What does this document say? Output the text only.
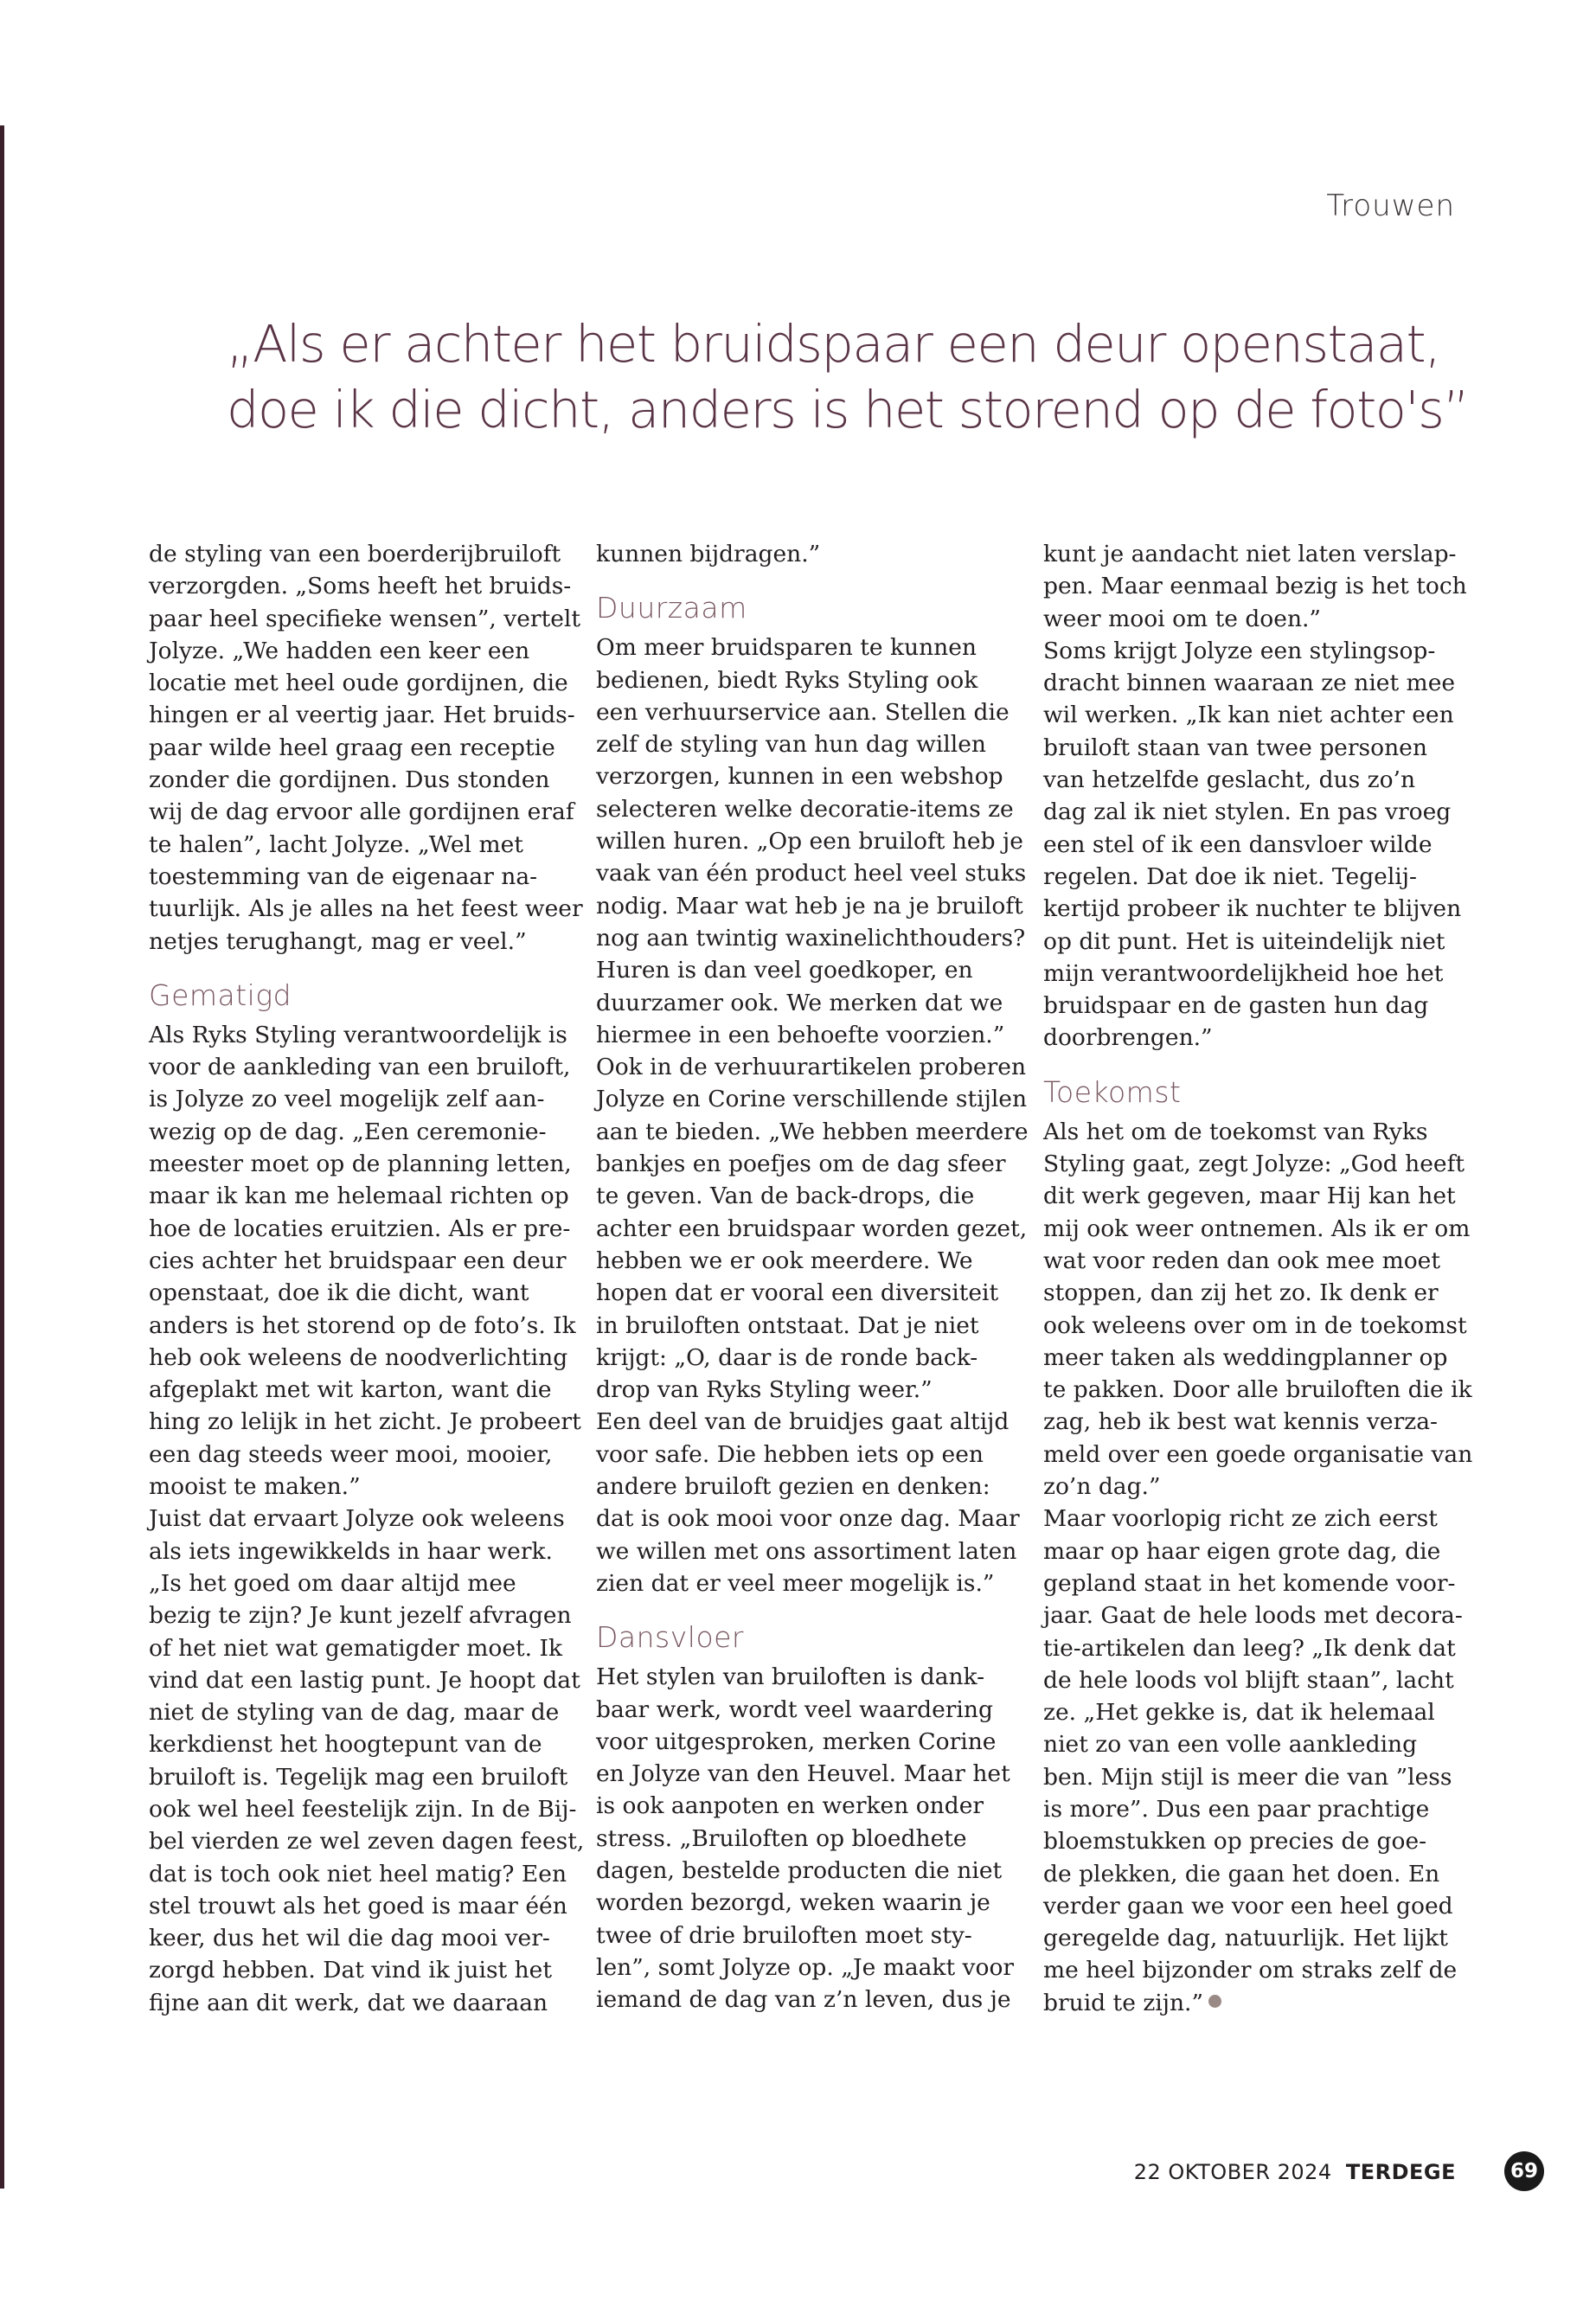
Trouwen
„Als er achter het bruidspaar een deur openstaat,
doe ik die dicht, anders is het storend op de foto's”

de styling van een boerderijbruiloft
verzorgden. „Soms heeft het bruids-
paar heel specifieke wensen”, vertelt
Jolyze. „We hadden een keer een
locatie met heel oude gordijnen, die
hingen er al veertig jaar. Het bruids-
paar wilde heel graag een receptie
zonder die gordijnen. Dus stonden
wij de dag ervoor alle gordijnen eraf
te halen”, lacht Jolyze. „Wel met
toestemming van de eigenaar na-
tuurlijk. Als je alles na het feest weer
netjes terughangt, mag er veel.”

Gematigd

Als Ryks Styling verantwoordelijk is
voor de aankleding van een bruiloft,
is Jolyze zo veel mogelijk zelf aan-
wezig op de dag. „Een ceremonie-
meester moet op de planning letten,
maar ik kan me helemaal richten op
hoe de locaties eruitzien. Als er pre-
cies achter het bruidspaar een deur
openstaat, doe ik die dicht, want
anders is het storend op de foto’s. Ik
heb ook weleens de noodverlichting
afgeplakt met wit karton, want die
hing zo lelijk in het zicht. Je probeert
een dag steeds weer mooi, mooier,
mooist te maken.”

Juist dat ervaart Jolyze ook weleens
als iets ingewikkelds in haar werk.
„Is het goed om daar altijd mee
bezig te zijn? Je kunt jezelf afvragen
of het niet wat gematigder moet. Ik
vind dat een lastig punt. Je hoopt dat
niet de styling van de dag, maar de
kerkdienst het hoogtepunt van de
bruiloft is. Tegelijk mag een bruiloft
ook wel heel feestelijk zijn. In de Bij-
bel vierden ze wel zeven dagen feest,
dat is toch ook niet heel matig? Een
stel trouwt als het goed is maar één
keer, dus het wil die dag mooi ver-
zorgd hebben. Dat vind ik juist het
fijne aan dit werk, dat we daaraan

kunnen bijdragen.”

Duurzaam

Om meer bruidsparen te kunnen
bedienen, biedt Ryks Styling ook
een verhuurservice aan. Stellen die
zelf de styling van hun dag willen
verzorgen, kunnen in een webshop
selecteren welke decoratie-items ze
willen huren. „Op een bruiloft heb je
vaak van één product heel veel stuks
nodig. Maar wat heb je na je bruiloft
nog aan twintig waxinelichthouders?
Huren is dan veel goedkoper, en
duurzamer ook. We merken dat we
hiermee in een behoefte voorzien.”

Ook in de verhuurartikelen proberen
Jolyze en Corine verschillende stijlen
aan te bieden. „We hebben meerdere
bankjes en poefjes om de dag sfeer
te geven. Van de back-drops, die
achter een bruidspaar worden gezet,
hebben we er ook meerdere. We
hopen dat er vooral een diversiteit
in bruiloften ontstaat. Dat je niet
krijgt: „O, daar is de ronde back-
drop van Ryks Styling weer.”

Een deel van de bruidjes gaat altijd
voor safe. Die hebben iets op een
andere bruiloft gezien en denken:
dat is ook mooi voor onze dag. Maar
we willen met ons assortiment laten
zien dat er veel meer mogelijk is.”

Dansvloer

Het stylen van bruiloften is dank-
baar werk, wordt veel waardering
voor uitgesproken, merken Corine
en Jolyze van den Heuvel. Maar het
is ook aanpoten en werken onder
stress. „Bruiloften op bloedhete
dagen, bestelde producten die niet
worden bezorgd, weken waarin je
twee of drie bruiloften moet sty-
len”, somt Jolyze op. „Je maakt voor
iemand de dag van z’n leven, dus je

kunt je aandacht niet laten verslap-
pen. Maar eenmaal bezig is het toch
weer mooi om te doen.”

Soms krijgt Jolyze een stylingsop-
dracht binnen waaraan ze niet mee
wil werken. „Ik kan niet achter een
bruiloft staan van twee personen
van hetzelfde geslacht, dus zo’n
dag zal ik niet stylen. En pas vroeg
een stel of ik een dansvloer wilde
regelen. Dat doe ik niet. Tegelij-
kertijd probeer ik nuchter te blijven
op dit punt. Het is uiteindelijk niet
mijn verantwoordelijkheid hoe het
bruidspaar en de gasten hun dag
doorbrengen.”

Toekomst

Als het om de toekomst van Ryks
Styling gaat, zegt Jolyze: „God heeft
dit werk gegeven, maar Hij kan het
mij ook weer ontnemen. Als ik er om
wat voor reden dan ook mee moet
stoppen, dan zij het zo. Ik denk er
ook weleens over om in de toekomst
meer taken als weddingplanner op
te pakken. Door alle bruiloften die ik
zag, heb ik best wat kennis verza-
meld over een goede organisatie van
zo’n dag.”

Maar voorlopig richt ze zich eerst
maar op haar eigen grote dag, die
gepland staat in het komende voor-
jaar. Gaat de hele loods met decora-
tie-artikelen dan leeg? „Ik denk dat
de hele loods vol blijft staan”, lacht
ze. „Het gekke is, dat ik helemaal
niet zo van een volle aankleding
ben. Mijn stijl is meer die van ”less
is more”. Dus een paar prachtige
bloemstukken op precies de goe-
de plekken, die gaan het doen. En
verder gaan we voor een heel goed
geregelde dag, natuurlijk. Het lijkt
me heel bijzonder om straks zelf de
bruid te zijn.”

22 OKTOBER 2024 TERDEGE	69
